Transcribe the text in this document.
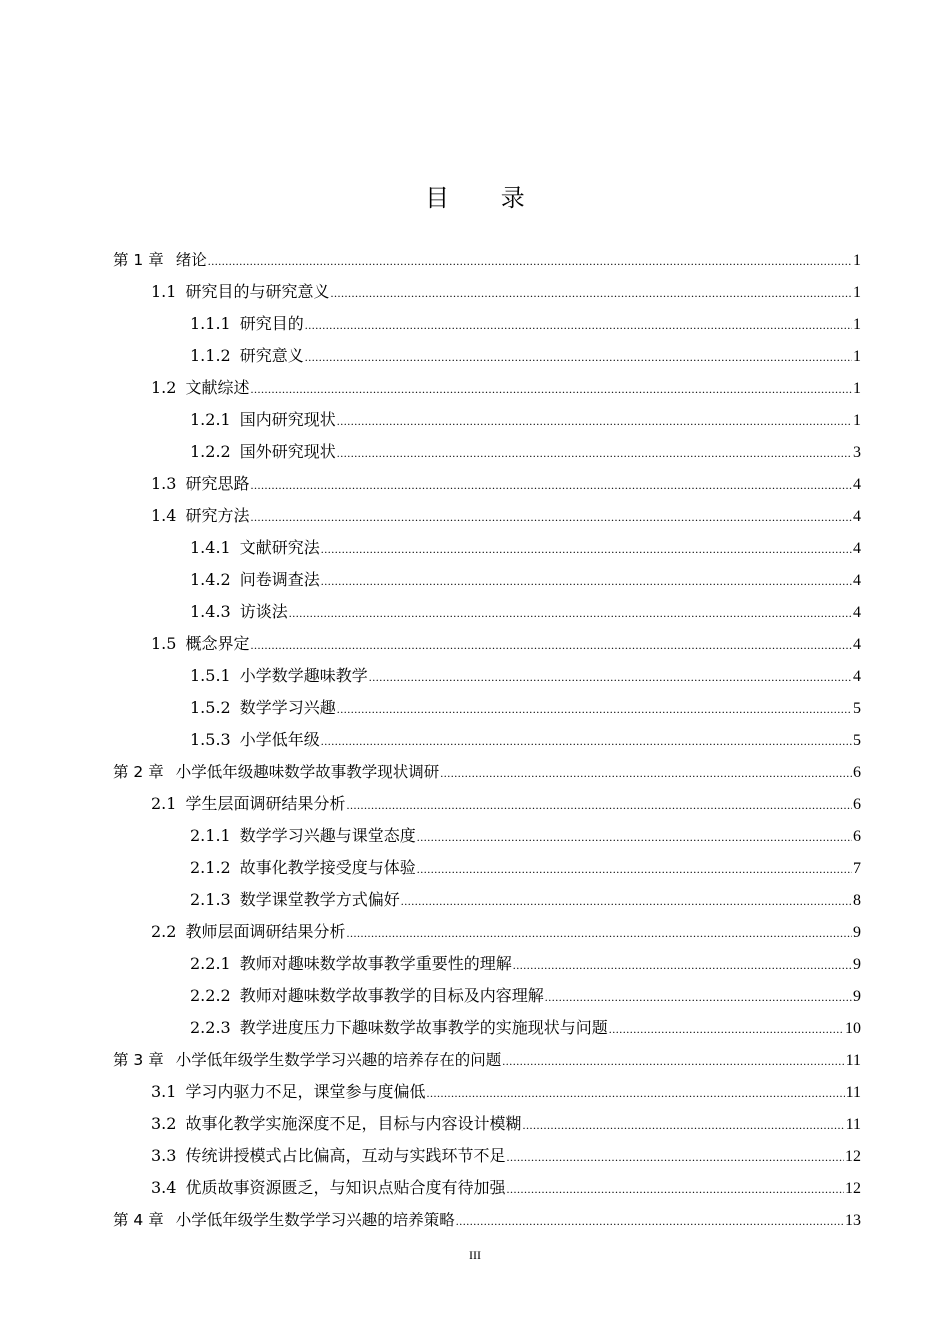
目 录
第 1 章 绪论 .....	1
1.1 研究目的与研究意义 .....	1
1.1.1 研究目的 .....	1
1.1.2 研究意义 .....	1
1.2 文献综述 .....	1
1.2.1 国内研究现状 .....	1
1.2.2 国外研究现状 .....	3
1.3 研究思路 .....	4
1.4 研究方法 .....	4
1.4.1 文献研究法 .....	4
1.4.2 问卷调查法 .....	4
1.4.3 访谈法 .....	4
1.5 概念界定 .....	4
1.5.1 小学数学趣味教学 .....	4
1.5.2 数学学习兴趣 .....	5
1.5.3 小学低年级 .....	5
第 2 章 小学低年级趣味数学故事教学现状调研 .....	6
2.1 学生层面调研结果分析 .....	6
2.1.1 数学学习兴趣与课堂态度 .....	6
2.1.2 故事化教学接受度与体验 .....	7
2.1.3 数学课堂教学方式偏好 .....	8
2.2 教师层面调研结果分析 .....	9
2.2.1 教师对趣味数学故事教学重要性的理解 .....	9
2.2.2 教师对趣味数学故事教学的目标及内容理解 .....	9
2.2.3 教学进度压力下趣味数学故事教学的实施现状与问题 .....	10
第 3 章 小学低年级学生数学学习兴趣的培养存在的问题 .....	11
3.1 学习内驱力不足，课堂参与度偏低 .....	11
3.2 故事化教学实施深度不足，目标与内容设计模糊 .....	11
3.3 传统讲授模式占比偏高，互动与实践环节不足 .....	12
3.4 优质故事资源匮乏，与知识点贴合度有待加强 .....	12
第 4 章 小学低年级学生数学学习兴趣的培养策略 .....	13
III
